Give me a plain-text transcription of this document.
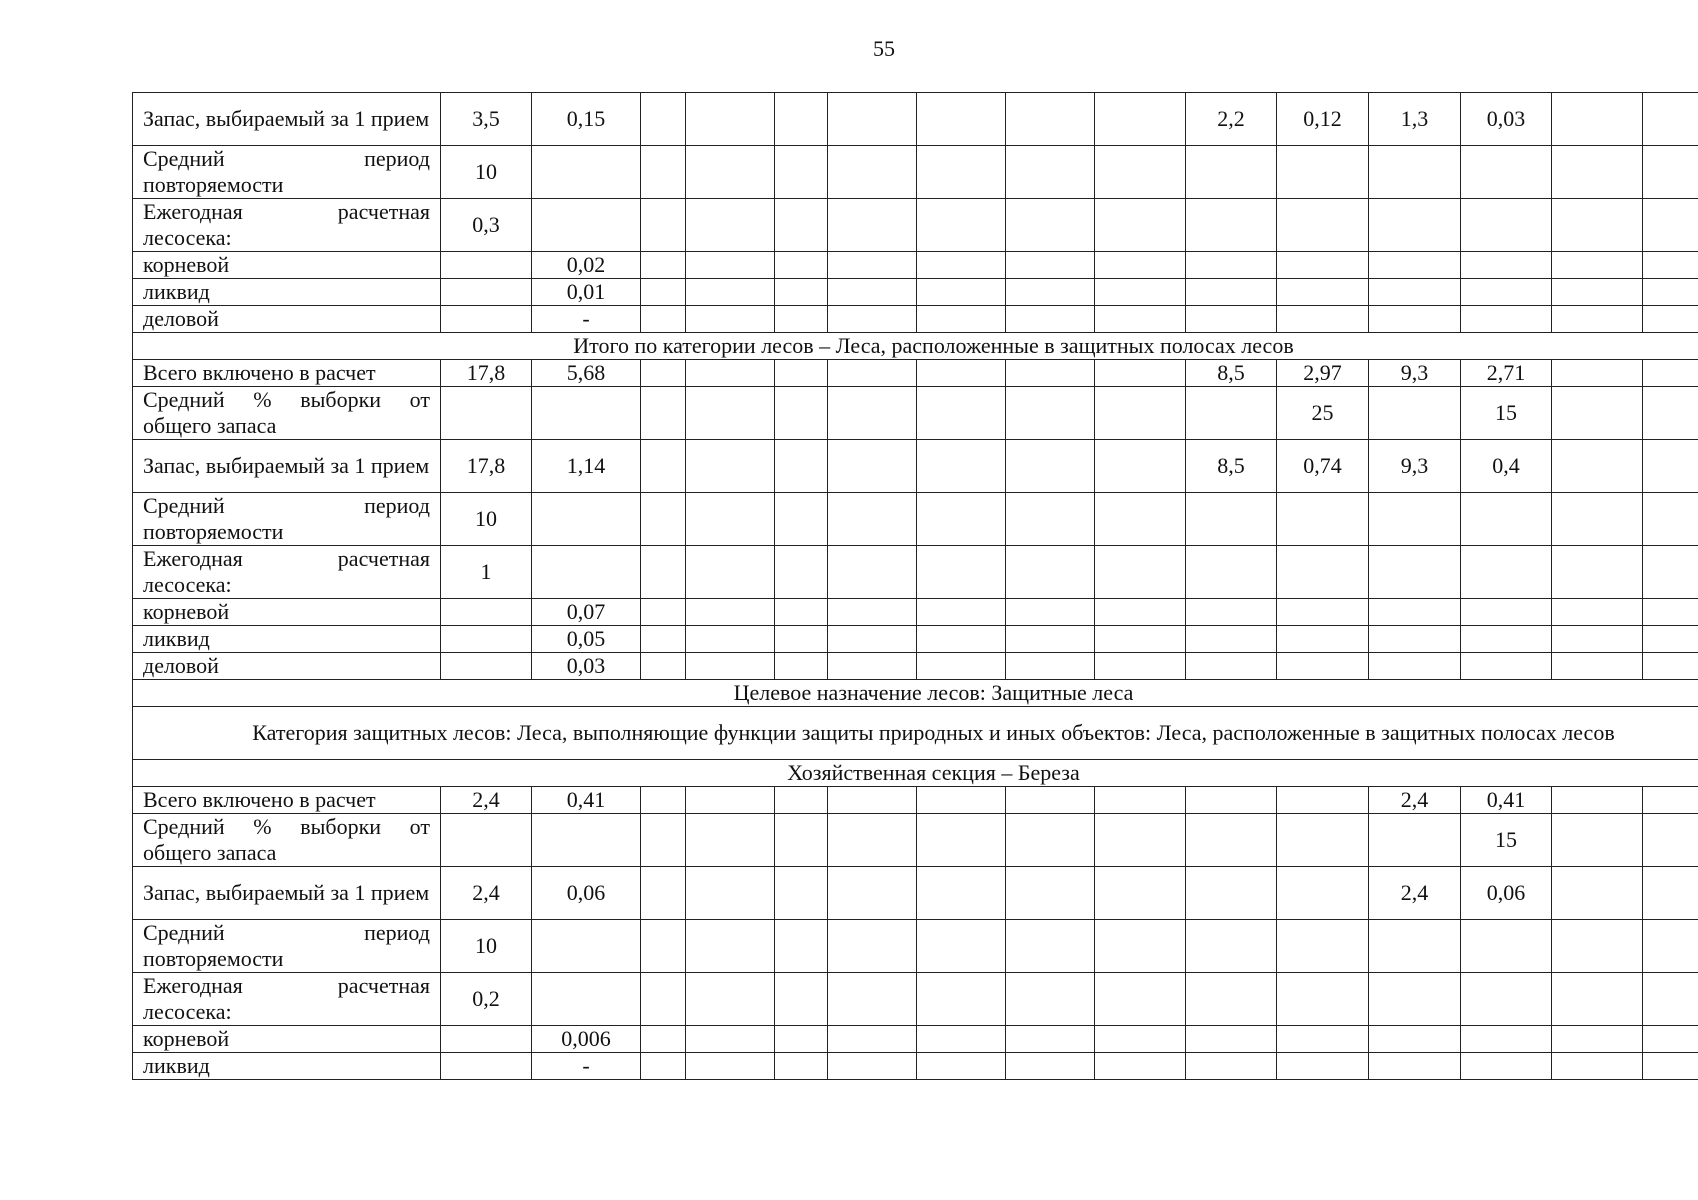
55
Запас, выбираемый за 1 прием	3,5	0,15								2,2	0,12	1,3	0,03		
Средний период повторяемости	10														
Ежегодная расчетная лесосека:	0,3														
корневой		0,02													
ликвид		0,01													
деловой		-													
Итого по категории лесов – Леса, расположенные в защитных полосах лесов															
Всего включено в расчет	17,8	5,68								8,5	2,97	9,3	2,71		
Средний % выборки от общего запаса											25		15		
Запас, выбираемый за 1 прием	17,8	1,14								8,5	0,74	9,3	0,4		
Средний период повторяемости	10														
Ежегодная расчетная лесосека:	1														
корневой		0,07													
ликвид		0,05													
деловой		0,03													
Целевое назначение лесов: Защитные леса															
Категория защитных лесов: Леса, выполняющие функции защиты природных и иных объектов: Леса, расположенные в защитных полосах лесов															
Хозяйственная секция – Береза															
Всего включено в расчет	2,4	0,41										2,4	0,41		
Средний % выборки от общего запаса													15		
Запас, выбираемый за 1 прием	2,4	0,06										2,4	0,06		
Средний период повторяемости	10														
Ежегодная расчетная лесосека:	0,2														
корневой		0,006													
ликвид		-													
